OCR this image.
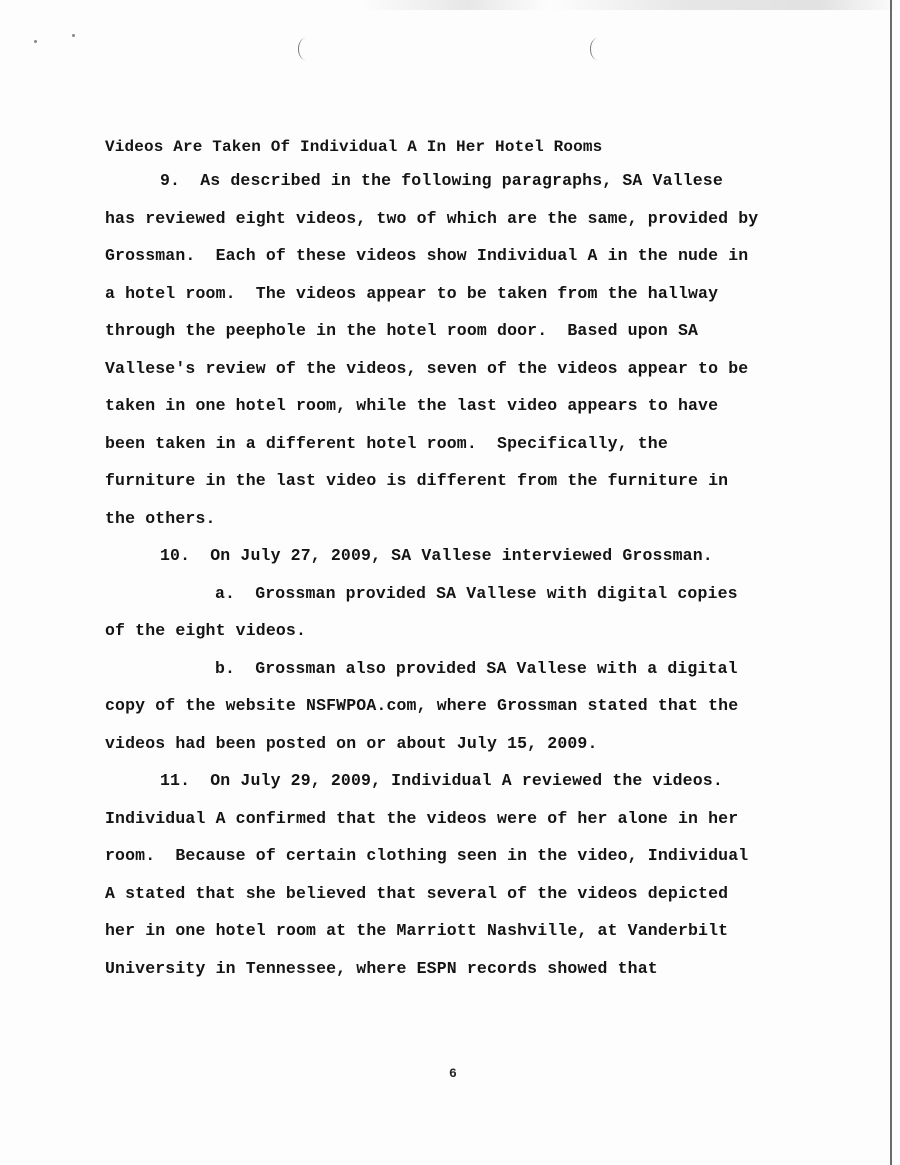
Videos Are Taken Of Individual A In Her Hotel Rooms
9.  As described in the following paragraphs, SA Vallese
has reviewed eight videos, two of which are the same, provided by
Grossman.  Each of these videos show Individual A in the nude in
a hotel room.  The videos appear to be taken from the hallway
through the peephole in the hotel room door.  Based upon SA
Vallese's review of the videos, seven of the videos appear to be
taken in one hotel room, while the last video appears to have
been taken in a different hotel room.  Specifically, the
furniture in the last video is different from the furniture in
the others.
10.  On July 27, 2009, SA Vallese interviewed Grossman.
a.  Grossman provided SA Vallese with digital copies
of the eight videos.
b.  Grossman also provided SA Vallese with a digital
copy of the website NSFWPOA.com, where Grossman stated that the
videos had been posted on or about July 15, 2009.
11.  On July 29, 2009, Individual A reviewed the videos.
Individual A confirmed that the videos were of her alone in her
room.  Because of certain clothing seen in the video, Individual
A stated that she believed that several of the videos depicted
her in one hotel room at the Marriott Nashville, at Vanderbilt
University in Tennessee, where ESPN records showed that
6
